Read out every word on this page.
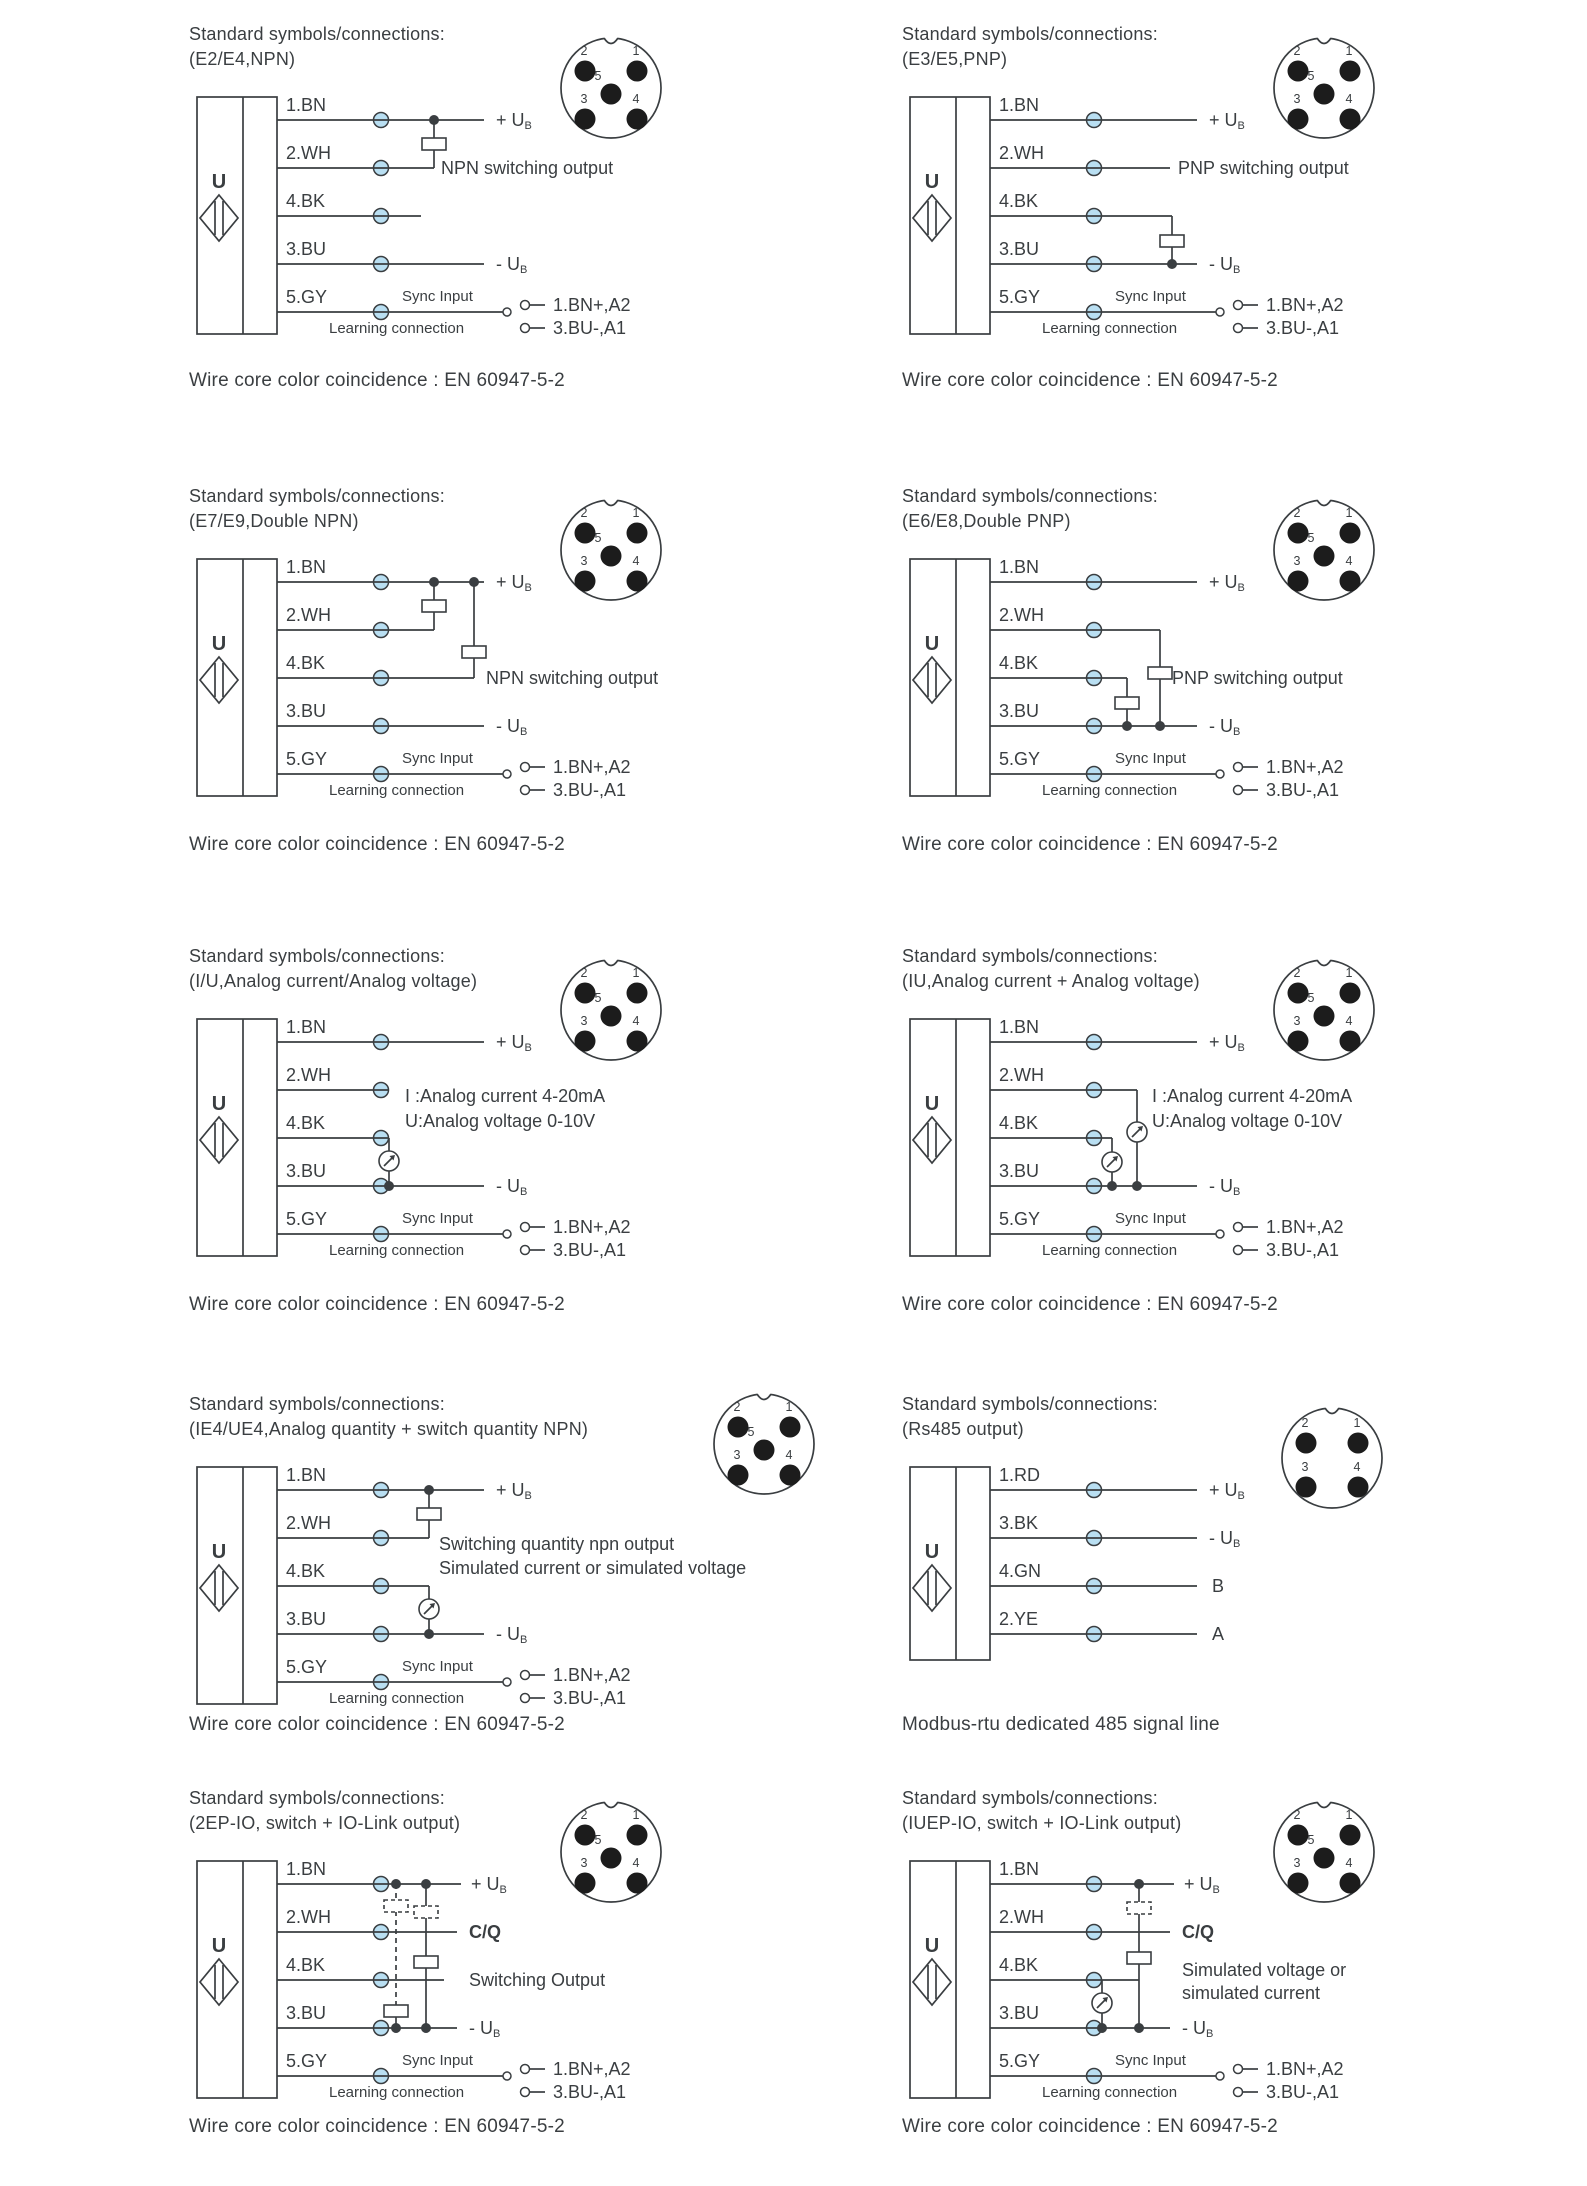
Standard symbols/connections:
(E2/E4,NPN)
U
1.BN
2.WH
4.BK
3.BU
5.GY
+ UB
NPN switching output
- UB
Sync Input
Learning connection
1.BN+,A2
3.BU-,A1
2	1
5
3	4
Wire core color coincidence : EN 60947-5-2
Standard symbols/connections:
(E3/E5,PNP)
U
1.BN
2.WH
4.BK
3.BU
5.GY
+ UB
PNP switching output
- UB
Sync Input
Learning connection
1.BN+,A2
3.BU-,A1
2	1
5
3	4
Wire core color coincidence : EN 60947-5-2
Standard symbols/connections:
(E7/E9,Double NPN)
U
1.BN
2.WH
4.BK
3.BU
5.GY
+ UB
NPN switching output
- UB
Sync Input
Learning connection
1.BN+,A2
3.BU-,A1
2	1
5
3	4
Wire core color coincidence : EN 60947-5-2
Standard symbols/connections:
(E6/E8,Double PNP)
U
1.BN
2.WH
4.BK
3.BU
5.GY
+ UB
PNP switching output
- UB
Sync Input
Learning connection
1.BN+,A2
3.BU-,A1
2	1
5
3	4
Wire core color coincidence : EN 60947-5-2
Standard symbols/connections:
(I/U,Analog current/Analog voltage)
U
1.BN
2.WH
4.BK
3.BU
5.GY
+ UB
I :Analog current 4-20mA
U:Analog voltage 0-10V
- UB
Sync Input
Learning connection
1.BN+,A2
3.BU-,A1
2	1
5
3	4
Wire core color coincidence : EN 60947-5-2
Standard symbols/connections:
(IU,Analog current + Analog voltage)
U
1.BN
2.WH
4.BK
3.BU
5.GY
+ UB
I :Analog current 4-20mA
U:Analog voltage 0-10V
- UB
Sync Input
Learning connection
1.BN+,A2
3.BU-,A1
2	1
5
3	4
Wire core color coincidence : EN 60947-5-2
Standard symbols/connections:
(IE4/UE4,Analog quantity + switch quantity NPN)
U
1.BN
2.WH
4.BK
3.BU
5.GY
+ UB
Switching quantity npn output
Simulated current or simulated voltage
- UB
Sync Input
Learning connection
1.BN+,A2
3.BU-,A1
2	1
5
3	4
Wire core color coincidence : EN 60947-5-2
Standard symbols/connections:
(Rs485 output)
U
1.RD
3.BK
4.GN
2.YE
+ UB
- UB
B
A
2	1
3	4
Modbus-rtu dedicated 485 signal line
Standard symbols/connections:
(2EP-IO, switch + IO-Link output)
U
1.BN
2.WH
4.BK
3.BU
5.GY
+ UB
C/Q
Switching Output
- UB
Sync Input
Learning connection
1.BN+,A2
3.BU-,A1
2	1
5
3	4
Wire core color coincidence : EN 60947-5-2
Standard symbols/connections:
(IUEP-IO, switch + IO-Link output)
U
1.BN
2.WH
4.BK
3.BU
5.GY
+ UB
C/Q
Simulated voltage or
simulated current
- UB
Sync Input
Learning connection
1.BN+,A2
3.BU-,A1
2	1
5
3	4
Wire core color coincidence : EN 60947-5-2
